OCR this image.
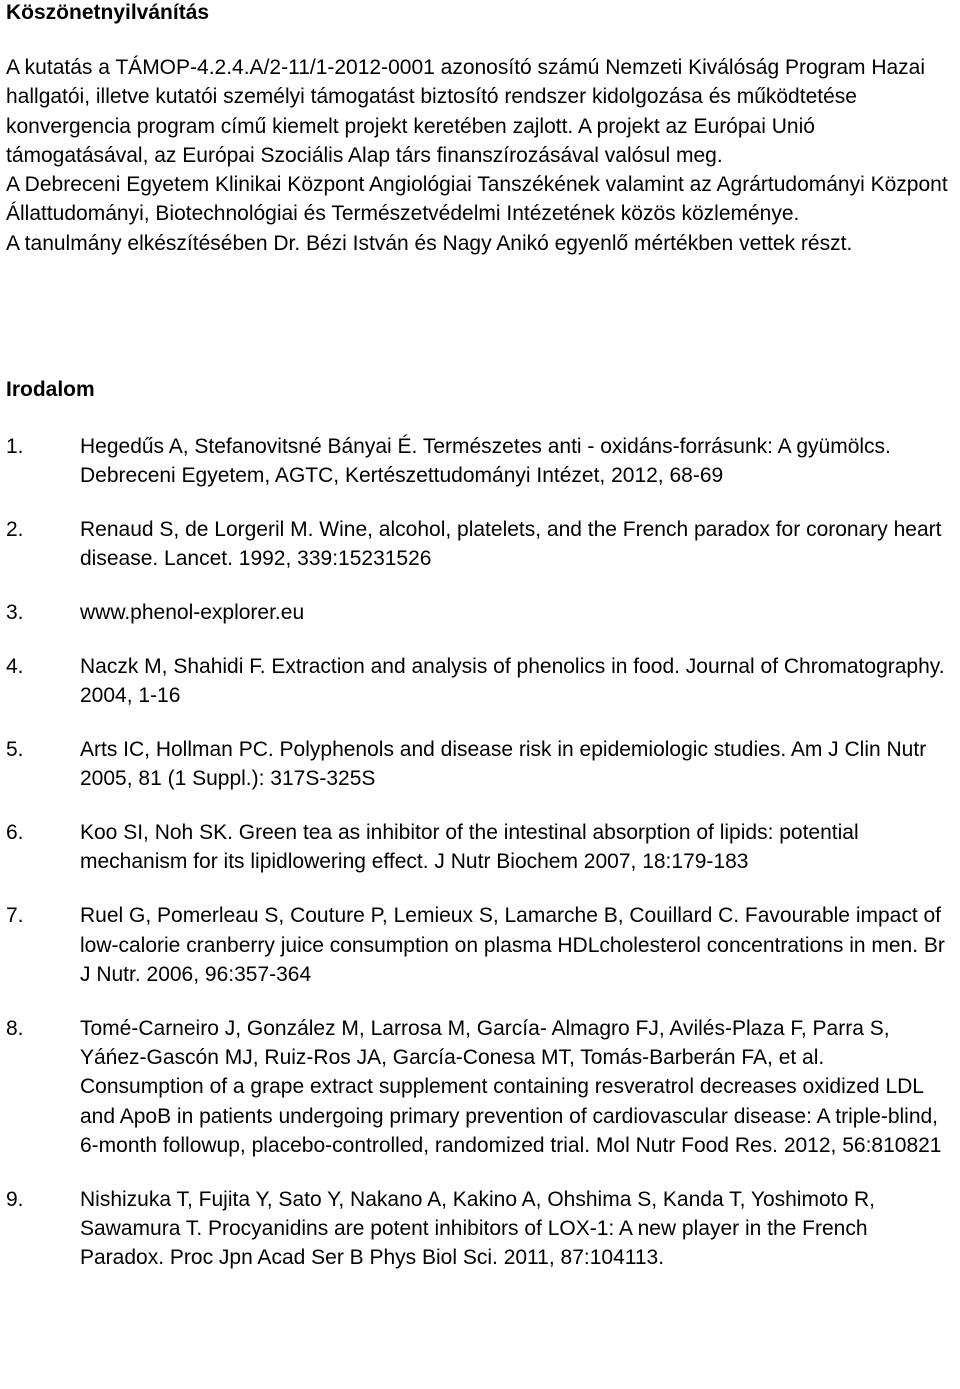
Köszönetnyilvánítás

A kutatás a TÁMOP-4.2.4.A/2-11/1-2012-0001 azonosító számú Nemzeti Kiválóság Program Hazai hallgatói, illetve kutatói személyi támogatást biztosító rendszer kidolgozása és működtetése konvergencia program című kiemelt projekt keretében zajlott. A projekt az Európai Unió támogatásával, az Európai Szociális Alap társ finanszírozásával valósul meg.

A Debreceni Egyetem Klinikai Központ Angiológiai Tanszékének valamint az Agrártudományi Központ Állattudományi, Biotechnológiai és Természetvédelmi Intézetének közös közleménye.

A tanulmány elkészítésében Dr. Bézi István és Nagy Anikó egyenlő mértékben vettek részt.

Irodalom
1.	Hegedűs A, Stefanovitsné Bányai É. Természetes anti - oxidáns-forrásunk: A gyümölcs. Debreceni Egyetem, AGTC, Kertészettudományi Intézet, 2012, 68-69
2.	Renaud S, de Lorgeril M. Wine, alcohol, platelets, and the French paradox for coronary heart disease. Lancet. 1992, 339:15231526
3.	www.phenol-explorer.eu
4.	Naczk M, Shahidi F. Extraction and analysis of phenolics in food. Journal of Chromatography. 2004, 1-16
5.	Arts IC, Hollman PC. Polyphenols and disease risk in epidemiologic studies. Am J Clin Nutr 2005, 81 (1 Suppl.): 317S-325S
6.	Koo SI, Noh SK. Green tea as inhibitor of the intestinal absorption of lipids: potential mechanism for its lipidlowering effect. J Nutr Biochem 2007, 18:179-183
7.	Ruel G, Pomerleau S, Couture P, Lemieux S, Lamarche B, Couillard C. Favourable impact of low-calorie cranberry juice consumption on plasma HDLcholesterol concentrations in men. Br J Nutr. 2006, 96:357-364
8.	Tomé-Carneiro J, González M, Larrosa M, García- Almagro FJ, Avilés-Plaza F, Parra S, Yáńez-Gascón MJ, Ruiz-Ros JA, García-Conesa MT, Tomás-Barberán FA, et al. Consumption of a grape extract supplement containing resveratrol decreases oxidized LDL and ApoB in patients undergoing primary prevention of cardiovascular disease: A triple-blind, 6-month followup, placebo-controlled, randomized trial. Mol Nutr Food Res. 2012, 56:810821
9.	Nishizuka T, Fujita Y, Sato Y, Nakano A, Kakino A, Ohshima S, Kanda T, Yoshimoto R, Sawamura T. Procyanidins are potent inhibitors of LOX-1: A new player in the French Paradox. Proc Jpn Acad Ser B Phys Biol Sci. 2011, 87:104113.
